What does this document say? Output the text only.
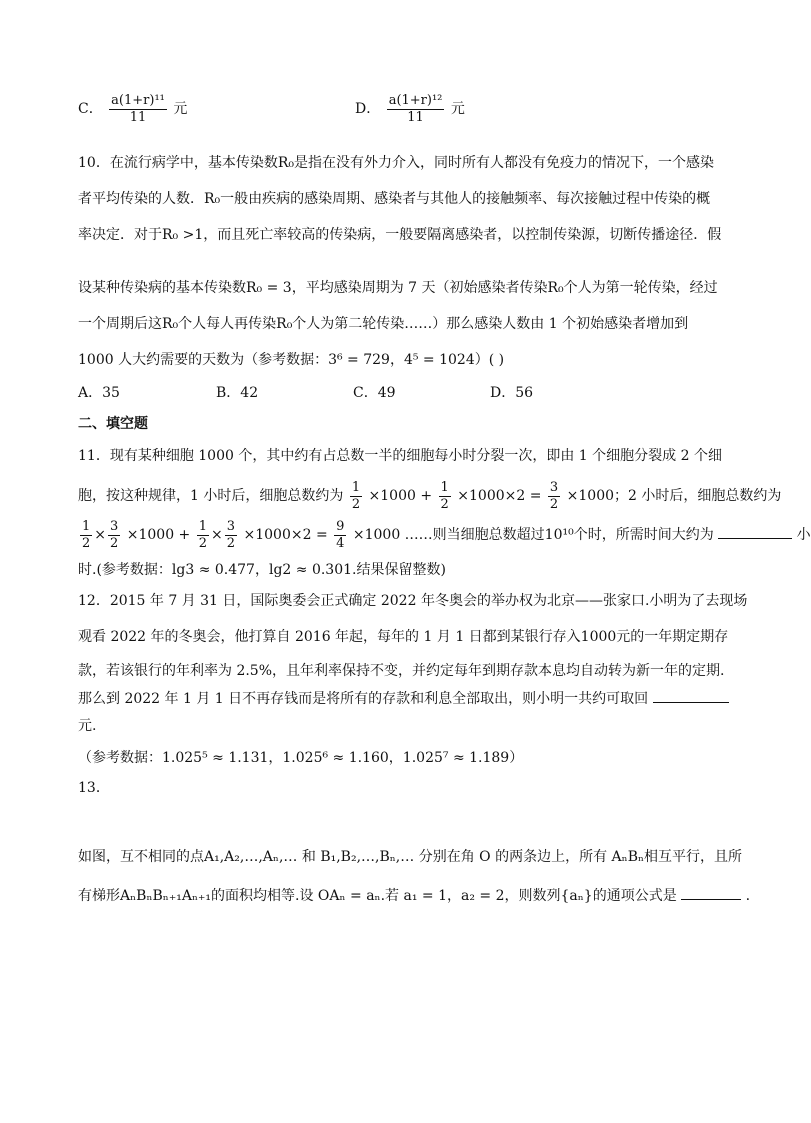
C． $\frac{\text{a(1+r)¹¹}}{11}$ 元	D． $\frac{\text{a(1+r)¹²}}{11}$ 元
10．在流行病学中，基本传染数R₀是指在没有外力介入，同时所有人都没有免疫力的情况下，一个感染
者平均传染的人数．R₀一般由疾病的感染周期、感染者与其他人的接触频率、每次接触过程中传染的概
率决定．对于R₀ >1，而且死亡率较高的传染病，一般要隔离感染者，以控制传染源，切断传播途径．假
设某种传染病的基本传染数R₀ = 3，平均感染周期为 7 天（初始感染者传染R₀个人为第一轮传染，经过
一个周期后这R₀个人每人再传染R₀个人为第二轮传染……）那么感染人数由 1 个初始感染者增加到
1000 人大约需要的天数为（参考数据：3⁶ = 729，4⁵ = 1024）( )
A．35	B．42	C．49	D．56
二、填空题
11．现有某种细胞 1000 个，其中约有占总数一半的细胞每小时分裂一次，即由 1 个细胞分裂成 2 个细
胞，按这种规律，1 小时后，细胞总数约为 $\frac{1}{2} \times 1000 + \frac{1}{2} \times 1000\times 2 = \frac{3}{2} \times 1000$；2 小时后，细胞总数约为
$\frac{1}{2} \times \frac{3}{2} \times 1000 + \frac{1}{2} \times \frac{3}{2} \times 1000\times 2 = \frac{9}{4} \times 1000$ ……则当细胞总数超过10¹⁰个时，所需时间大约为	小
时.(参考数据：lg3 ≈ 0.477，lg2 ≈ 0.301.结果保留整数)
12．2015 年 7 月 31 日，国际奥委会正式确定 2022 年冬奥会的举办权为北京——张家口.小明为了去现场
观看 2022 年的冬奥会，他打算自 2016 年起，每年的 1 月 1 日都到某银行存入1000元的一年期定期存
款，若该银行的年利率为 2.5%，且年利率保持不变，并约定每年到期存款本息均自动转为新一年的定期.
那么到 2022 年 1 月 1 日不再存钱而是将所有的存款和利息全部取出，则小明一共约可取回
元.
（参考数据：1.025⁵ ≈ 1.131，1.025⁶ ≈ 1.160，1.025⁷ ≈ 1.189）
13．
如图，互不相同的点A₁,A₂,…,Aₙ,… 和 B₁,B₂,…,Bₙ,… 分别在角 O 的两条边上，所有 AₙBₙ相互平行，且所
有梯形AₙBₙBₙ₊₁Aₙ₊₁的面积均相等.设 OAₙ = aₙ.若 a₁ = 1，a₂ = 2，则数列{aₙ}的通项公式是	.
